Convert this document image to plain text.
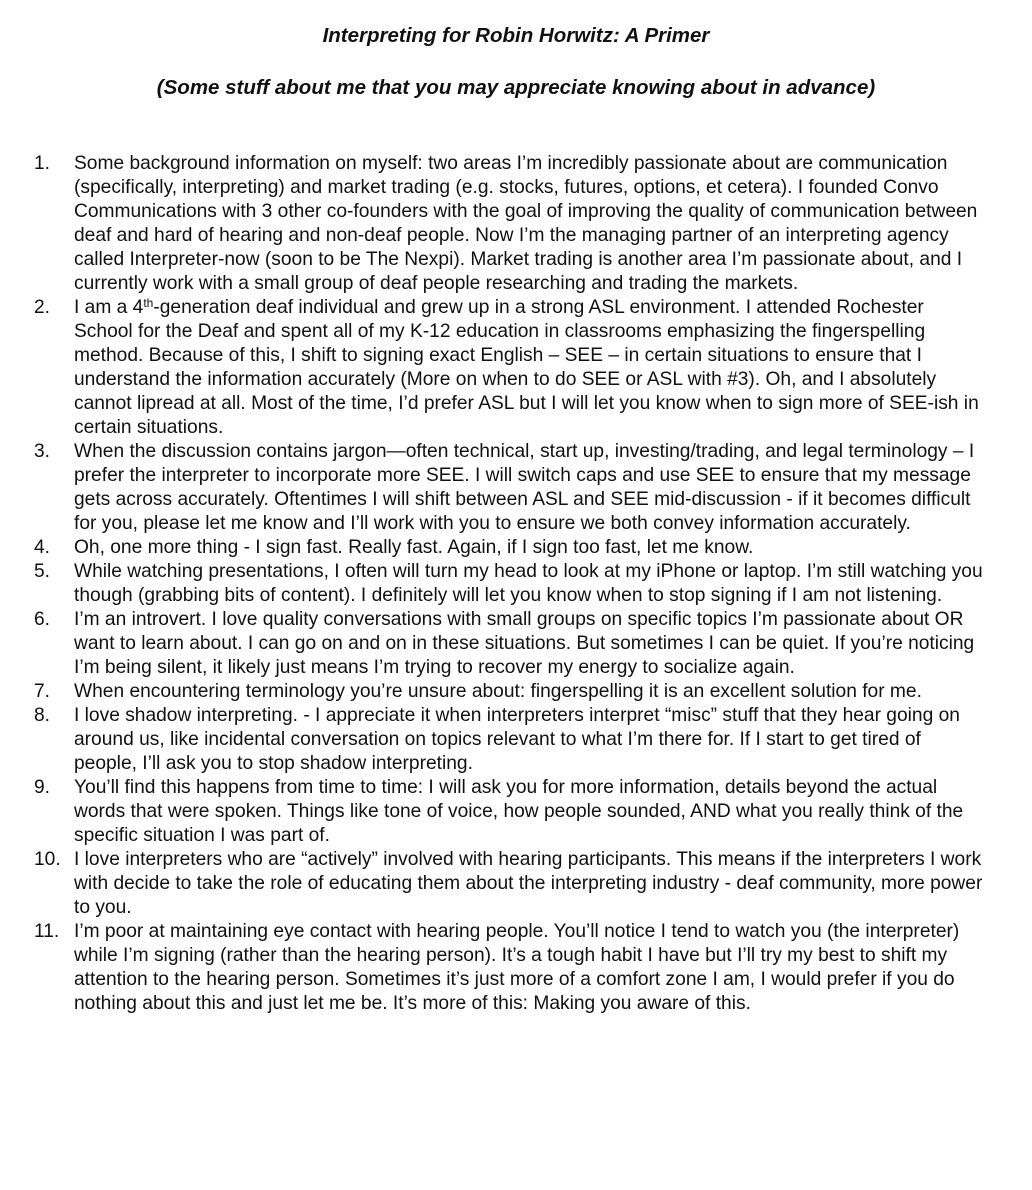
Interpreting for Robin Horwitz: A Primer
(Some stuff about me that you may appreciate knowing about in advance)
1.	Some background information on myself: two areas I’m incredibly passionate about are communication (specifically, interpreting) and market trading (e.g. stocks, futures, options, et cetera). I founded Convo Communications with 3 other co-founders with the goal of improving the quality of communication between deaf and hard of hearing and non-deaf people. Now I’m the managing partner of an interpreting agency called Interpreter-now (soon to be The Nexpi). Market trading is another area I’m passionate about, and I currently work with a small group of deaf people researching and trading the markets.
2.	I am a 4th-generation deaf individual and grew up in a strong ASL environment. I attended Rochester School for the Deaf and spent all of my K-12 education in classrooms emphasizing the fingerspelling method. Because of this, I shift to signing exact English – SEE – in certain situations to ensure that I understand the information accurately (More on when to do SEE or ASL with #3). Oh, and I absolutely cannot lipread at all. Most of the time, I’d prefer ASL but I will let you know when to sign more of SEE-ish in certain situations.
3.	When the discussion contains jargon—often technical, start up, investing/trading, and legal terminology – I prefer the interpreter to incorporate more SEE. I will switch caps and use SEE to ensure that my message gets across accurately. Oftentimes I will shift between ASL and SEE mid-discussion - if it becomes difficult for you, please let me know and I’ll work with you to ensure we both convey information accurately.
4.	Oh, one more thing - I sign fast. Really fast. Again, if I sign too fast, let me know.
5.	While watching presentations, I often will turn my head to look at my iPhone or laptop. I’m still watching you though (grabbing bits of content). I definitely will let you know when to stop signing if I am not listening.
6.	I’m an introvert. I love quality conversations with small groups on specific topics I’m passionate about OR want to learn about. I can go on and on in these situations. But sometimes I can be quiet. If you’re noticing I’m being silent, it likely just means I’m trying to recover my energy to socialize again.
7.	When encountering terminology you’re unsure about: fingerspelling it is an excellent solution for me.
8.	I love shadow interpreting. - I appreciate it when interpreters interpret “misc” stuff that they hear going on around us, like incidental conversation on topics relevant to what I’m there for. If I start to get tired of people, I’ll ask you to stop shadow interpreting.
9.	You’ll find this happens from time to time: I will ask you for more information, details beyond the actual words that were spoken. Things like tone of voice, how people sounded, AND what you really think of the specific situation I was part of.
10. I love interpreters who are “actively” involved with hearing participants. This means if the interpreters I work with decide to take the role of educating them about the interpreting industry - deaf community, more power to you.
11. I’m poor at maintaining eye contact with hearing people. You’ll notice I tend to watch you (the interpreter) while I’m signing (rather than the hearing person). It’s a tough habit I have but I’ll try my best to shift my attention to the hearing person. Sometimes it’s just more of a comfort zone I am, I would prefer if you do nothing about this and just let me be. It’s more of this: Making you aware of this.
